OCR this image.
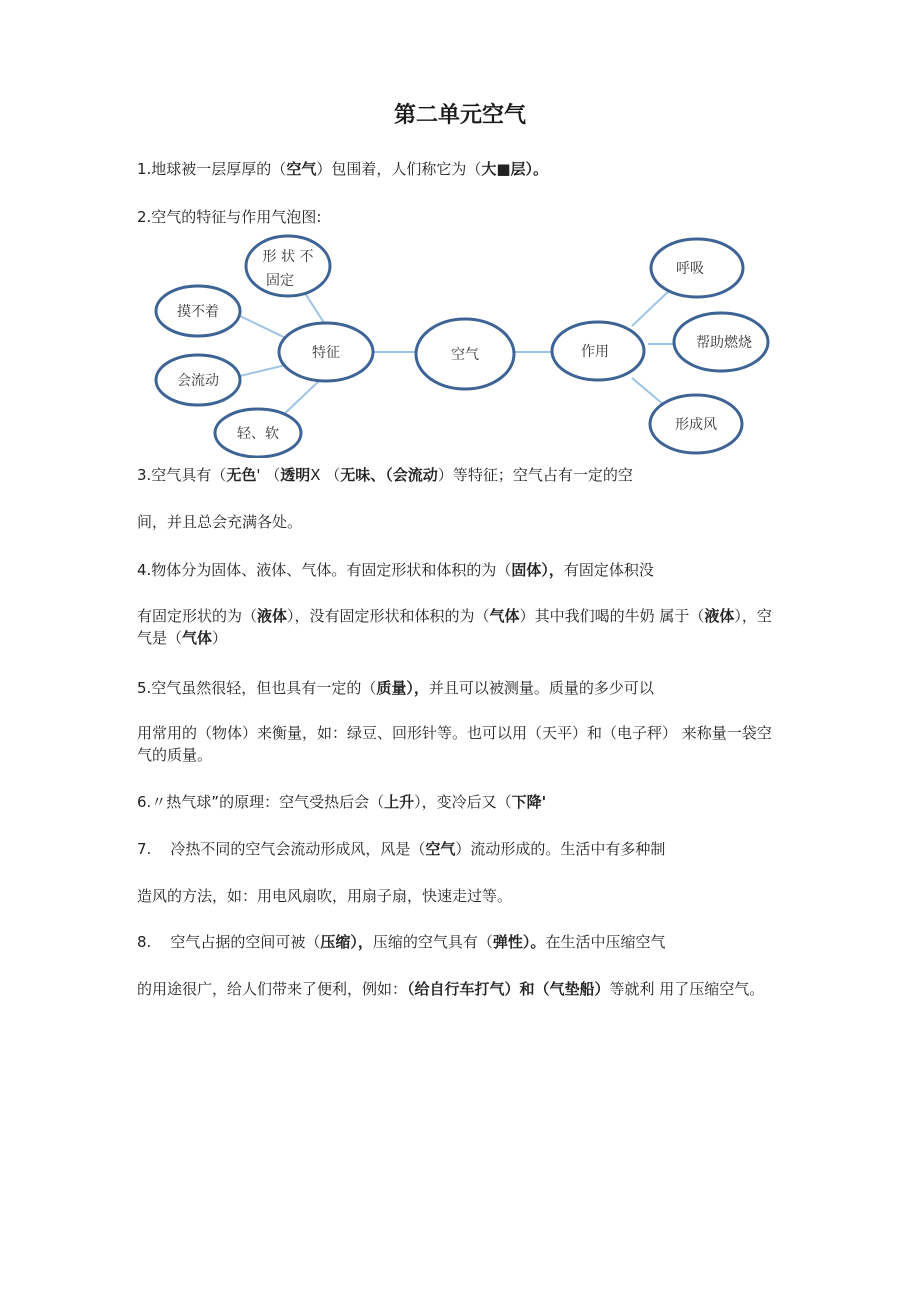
第二单元空气
1.地球被一层厚厚的（空气）包围着，人们称它为（大■层）。
2.空气的特征与作用气泡图:
形 状 不
固定
摸不着
会流动
轻、软
特征	空气	作用
呼吸
帮助燃烧
形成风
3.空气具有（无色' （透明X （无味、（会流动）等特征；空气占有一定的空
间，并且总会充满各处。
4.物体分为固体、液体、气体。有固定形状和体积的为（固体），有固定体积没
有固定形状的为（液体），没有固定形状和体积的为（气体）其中我们喝的牛奶 属于（液体），空气是（气体）
5.空气虽然很轻，但也具有一定的（质量），并且可以被测量。质量的多少可以
用常用的（物体）来衡量，如：绿豆、回形针等。也可以用（天平）和（电子秤） 来称量一袋空气的质量。
6.〃热气球”的原理：空气受热后会（上升），变冷后又（下降'
7.    冷热不同的空气会流动形成风，风是（空气）流动形成的。生活中有多种制
造风的方法，如：用电风扇吹，用扇子扇，快速走过等。
8.    空气占据的空间可被（压缩），压缩的空气具有（弹性）。在生活中压缩空气
的用途很广，给人们带来了便利，例如：（给自行车打气）和（气垫船）等就利 用了压缩空气。
